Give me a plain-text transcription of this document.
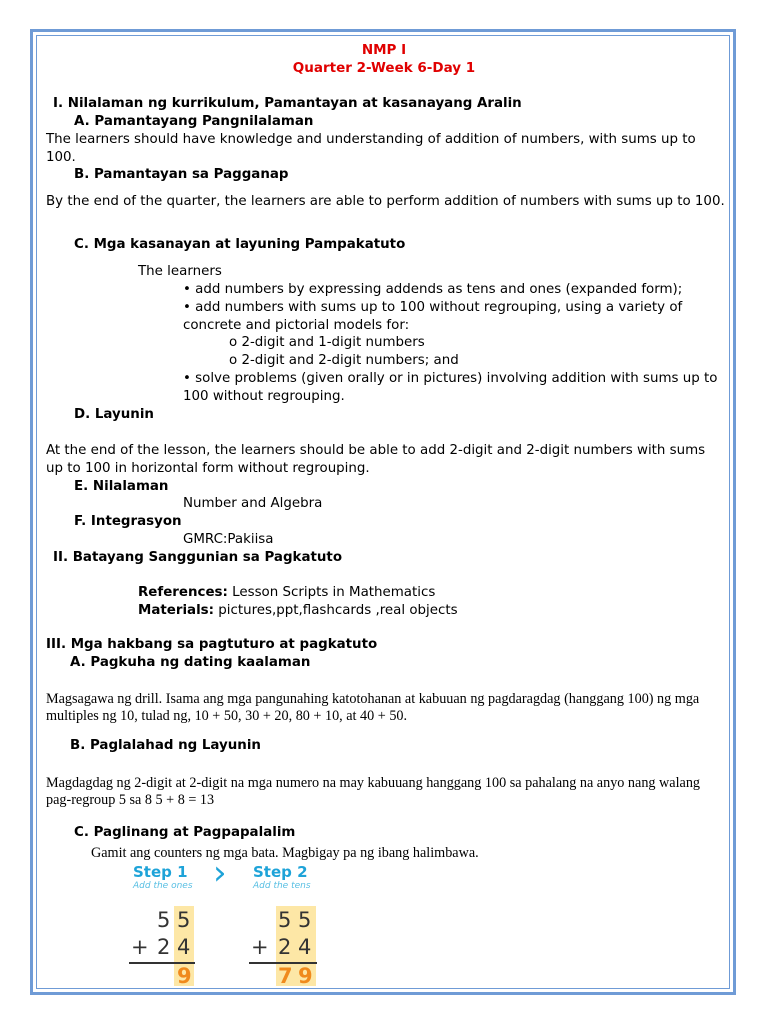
NMP I
Quarter 2-Week 6-Day 1
I. Nilalaman ng kurrikulum, Pamantayan at kasanayang Aralin
A. Pamantayang Pangnilalaman
The learners should have knowledge and understanding of addition of numbers, with sums up to 100.
B. Pamantayan sa Pagganap
By the end of the quarter, the learners are able to perform addition of numbers with sums up to 100.
C. Mga kasanayan at layuning Pampakatuto
The learners
• add numbers by expressing addends as tens and ones (expanded form);
• add numbers with sums up to 100 without regrouping, using a variety of concrete and pictorial models for:
o 2-digit and 1-digit numbers
o 2-digit and 2-digit numbers; and
• solve problems (given orally or in pictures) involving addition with sums up to 100 without regrouping.
D. Layunin
At the end of the lesson, the learners should be able to add 2-digit and 2-digit numbers with sums up to 100 in horizontal form without regrouping.
E. Nilalaman
Number and Algebra
F. Integrasyon
GMRC:Pakiisa
II. Batayang Sanggunian sa Pagkatuto
References: Lesson Scripts in Mathematics
Materials: pictures,ppt,flashcards ,real objects
III. Mga hakbang sa pagtuturo at pagkatuto
A. Pagkuha ng dating kaalaman
Magsagawa ng drill. Isama ang mga pangunahing katotohanan at kabuuan ng pagdaragdag (hanggang 100) ng mga multiples ng 10, tulad ng, 10 + 50, 30 + 20, 80 + 10, at 40 + 50.
B. Paglalahad ng Layunin
Magdagdag ng 2-digit at 2-digit na mga numero na may kabuuang hanggang 100 sa pahalang na anyo nang walang pag-regroup 5 sa 8 5 + 8 = 13
C. Paglinang at Pagpapalalim
Gamit ang counters ng mga bata. Magbigay pa ng ibang halimbawa.
Step 1
Add the ones › Step 2
Add the tens
5 5
+ 2 4
9
5 5
+ 2 4
7 9
